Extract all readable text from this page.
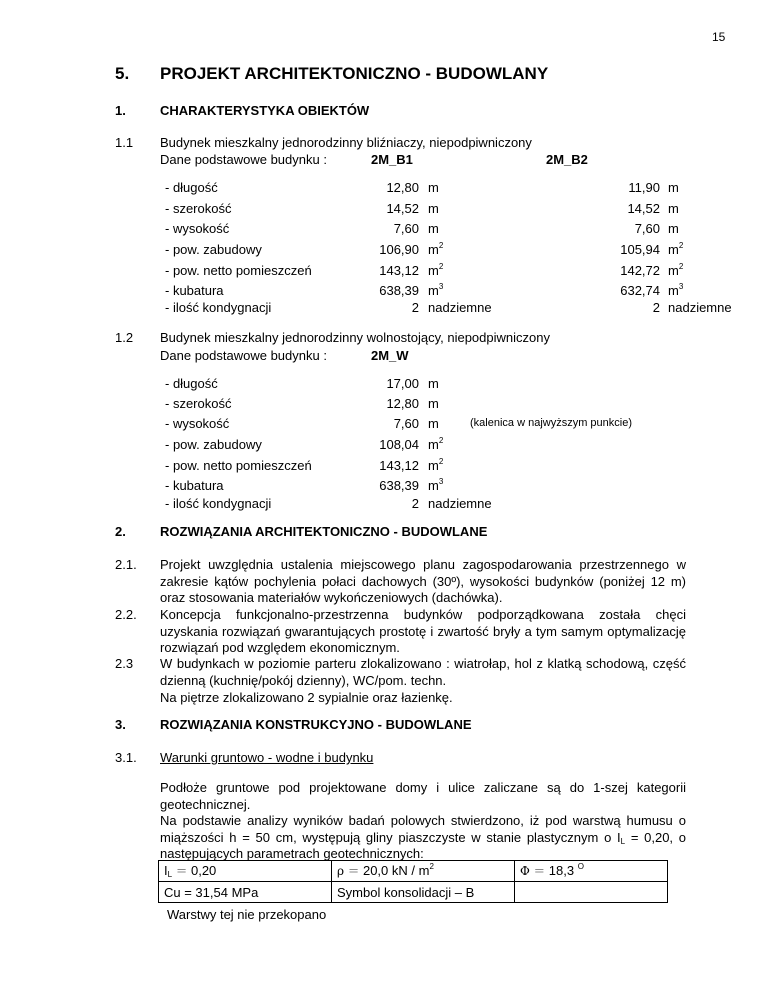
15
5. PROJEKT ARCHITEKTONICZNO - BUDOWLANY
1.	CHARAKTERYSTYKA OBIEKTÓW
1.1 Budynek mieszkalny jednorodzinny bliźniaczy, niepodpiwniczony
Dane podstawowe budynku :	2M_B1	2M_B2
- długość	12,80 m	11,90 m
- szerokość	14,52 m	14,52 m
- wysokość	7,60 m	7,60 m
- pow. zabudowy	106,90 $m^2$	105,94 $m^2$
- pow. netto pomieszczeń	143,12 $m^2$	142,72 $m^2$
- kubatura	638,39 $m^3$	632,74 $m^3$
- ilość kondygnacji	2 nadziemne	2 nadziemne
1.2 Budynek mieszkalny jednorodzinny wolnostojący, niepodpiwniczony
Dane podstawowe budynku :	2M_W
- długość	17,00 m
- szerokość	12,80 m
- wysokość	7,60 m	(kalenica w najwyższym punkcie)
- pow. zabudowy	108,04 $m^2$
- pow. netto pomieszczeń	143,12 $m^2$
- kubatura	638,39 $m^3$
- ilość kondygnacji	2 nadziemne
2.	ROZWIĄZANIA ARCHITEKTONICZNO - BUDOWLANE
2.1. Projekt uwzględnia ustalenia miejscowego planu zagospodarowania przestrzennego w zakresie kątów pochylenia połaci dachowych (30º), wysokości budynków (poniżej 12 m) oraz stosowania materiałów wykończeniowych (dachówka).
2.2. Koncepcja funkcjonalno-przestrzenna budynków podporządkowana została chęci uzyskania rozwiązań gwarantujących prostotę i zwartość bryły a tym samym optymalizację rozwiązań pod względem ekonomicznym.
2.3 W budynkach w poziomie parteru zlokalizowano : wiatrołap, hol z klatką schodową, część dzienną (kuchnię/pokój dzienny), WC/pom. techn.
Na piętrze zlokalizowano 2 sypialnie oraz łazienkę.
3.	ROZWIĄZANIA KONSTRUKCYJNO - BUDOWLANE
3.1. Warunki gruntowo - wodne i budynku
Podłoże gruntowe pod projektowane domy i ulice zaliczane są do 1-szej kategorii geotechnicznej.
Na podstawie analizy wyników badań polowych stwierdzono, iż pod warstwą humusu o miąższości h = 50 cm, występują gliny piaszczyste w stanie plastycznym o $I_L = 0,20$, o następujących parametrach geotechnicznych:
$I_L = 0,20$	ρ = 20,0 kN / $m^2$	Φ = 18,3 $^O$
Cu = 31,54 MPa	Symbol konsolidacji – B	
Warstwy tej nie przekopano
